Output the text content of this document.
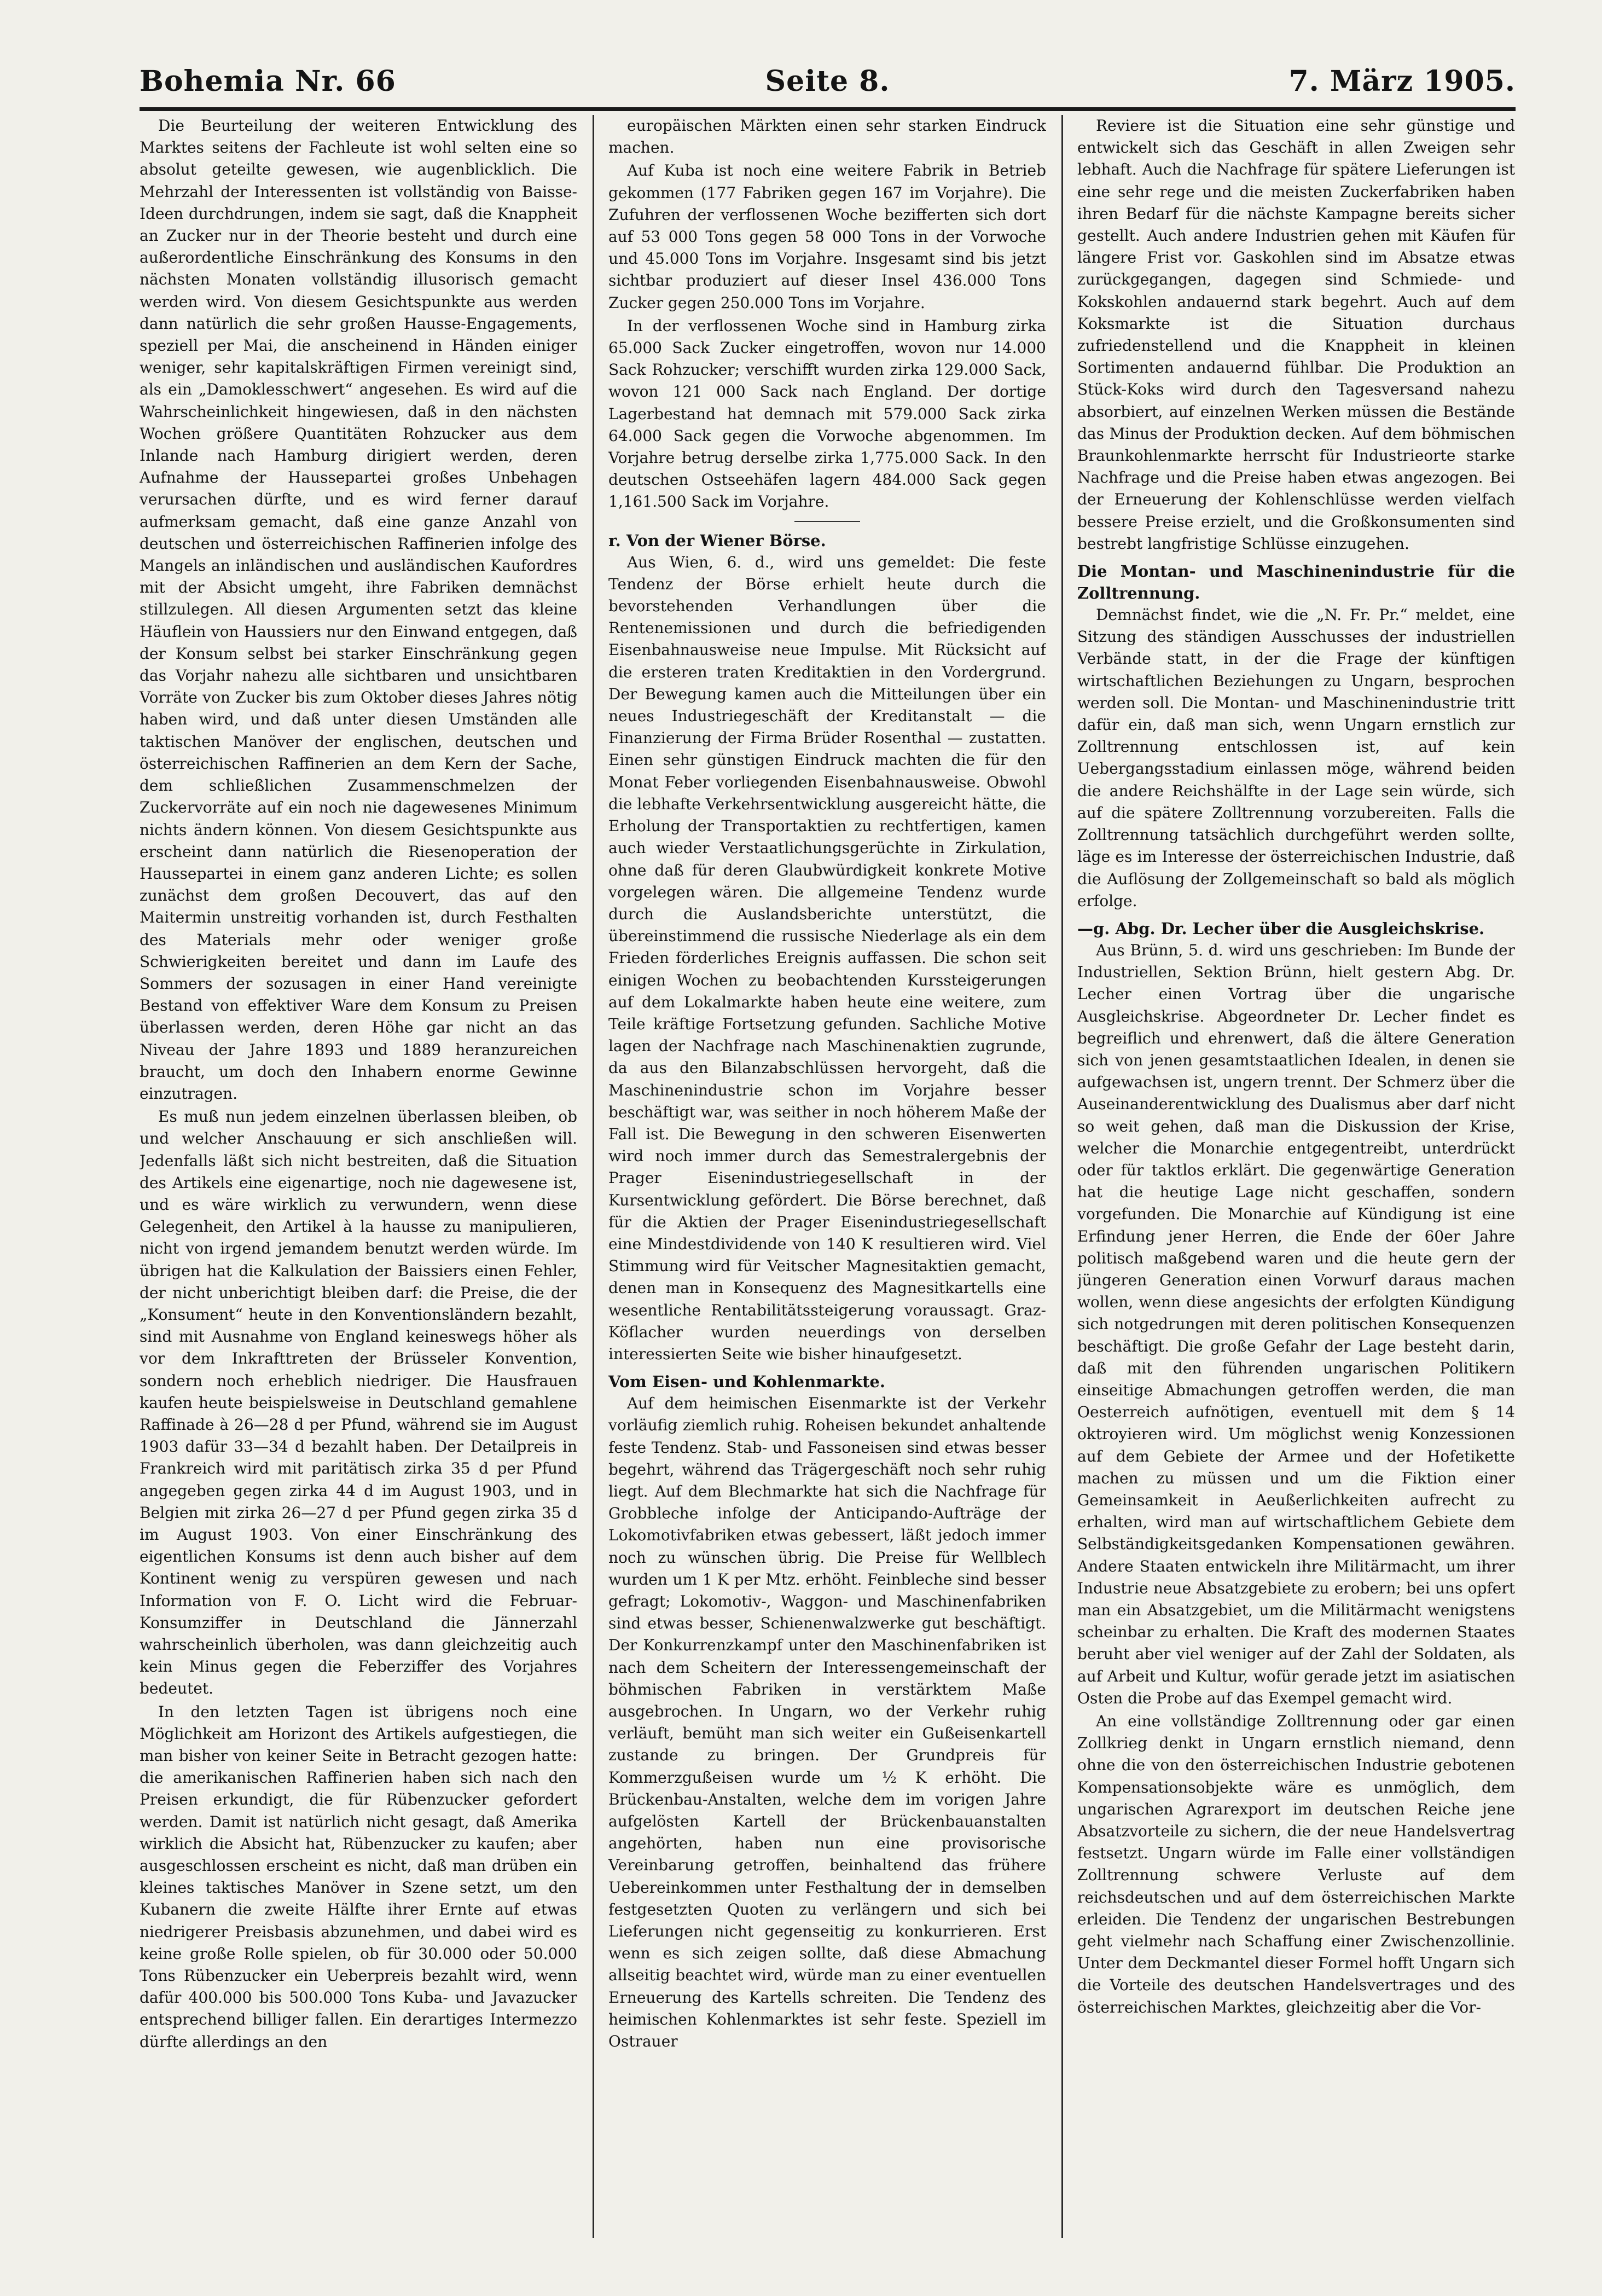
Bohemia Nr. 66	Seite 8.	7. März 1905.

Die Beurteilung der weiteren Entwicklung des Marktes seitens der Fachleute ist wohl selten eine so absolut geteilte gewesen, wie augenblicklich. Die Mehrzahl der Interessenten ist vollständig von Baisse-Ideen durchdrungen, indem sie sagt, daß die Knappheit an Zucker nur in der Theorie besteht und durch eine außerordentliche Einschränkung des Konsums in den nächsten Monaten vollständig illusorisch gemacht werden wird. Von diesem Gesichtspunkte aus werden dann natürlich die sehr großen Hausse-Engagements, speziell per Mai, die anscheinend in Händen einiger weniger, sehr kapitalskräftigen Firmen vereinigt sind, als ein „Damoklesschwert“ angesehen. Es wird auf die Wahrscheinlichkeit hingewiesen, daß in den nächsten Wochen größere Quantitäten Rohzucker aus dem Inlande nach Hamburg dirigiert werden, deren Aufnahme der Haussepartei großes Unbehagen verursachen dürfte, und es wird ferner darauf aufmerksam gemacht, daß eine ganze Anzahl von deutschen und österreichischen Raffinerien infolge des Mangels an inländischen und ausländischen Kaufordres mit der Absicht umgeht, ihre Fabriken demnächst stillzulegen. All diesen Argumenten setzt das kleine Häuflein von Haussiers nur den Einwand entgegen, daß der Konsum selbst bei starker Einschränkung gegen das Vorjahr nahezu alle sichtbaren und unsichtbaren Vorräte von Zucker bis zum Oktober dieses Jahres nötig haben wird, und daß unter diesen Umständen alle taktischen Manöver der englischen, deutschen und österreichischen Raffinerien an dem Kern der Sache, dem schließlichen Zusammenschmelzen der Zuckervorräte auf ein noch nie dagewesenes Minimum nichts ändern können. Von diesem Gesichtspunkte aus erscheint dann natürlich die Riesenoperation der Haussepartei in einem ganz anderen Lichte; es sollen zunächst dem großen Decouvert, das auf den Maitermin unstreitig vorhanden ist, durch Festhalten des Materials mehr oder weniger große Schwierigkeiten bereitet und dann im Laufe des Sommers der sozusagen in einer Hand vereinigte Bestand von effektiver Ware dem Konsum zu Preisen überlassen werden, deren Höhe gar nicht an das Niveau der Jahre 1893 und 1889 heranzureichen braucht, um doch den Inhabern enorme Gewinne einzutragen.

Es muß nun jedem einzelnen überlassen bleiben, ob und welcher Anschauung er sich anschließen will. Jedenfalls läßt sich nicht bestreiten, daß die Situation des Artikels eine eigenartige, noch nie dagewesene ist, und es wäre wirklich zu verwundern, wenn diese Gelegenheit, den Artikel à la hausse zu manipulieren, nicht von irgend jemandem benutzt werden würde. Im übrigen hat die Kalkulation der Baissiers einen Fehler, der nicht unberichtigt bleiben darf: die Preise, die der „Konsument“ heute in den Konventionsländern bezahlt, sind mit Ausnahme von England keineswegs höher als vor dem Inkrafttreten der Brüsseler Konvention, sondern noch erheblich niedriger. Die Hausfrauen kaufen heute beispielsweise in Deutschland gemahlene Raffinade à 26—28 d per Pfund, während sie im August 1903 dafür 33—34 d bezahlt haben. Der Detailpreis in Frankreich wird mit paritätisch zirka 35 d per Pfund angegeben gegen zirka 44 d im August 1903, und in Belgien mit zirka 26—27 d per Pfund gegen zirka 35 d im August 1903. Von einer Einschränkung des eigentlichen Konsums ist denn auch bisher auf dem Kontinent wenig zu verspüren gewesen und nach Information von F. O. Licht wird die Februar-Konsumziffer in Deutschland die Jännerzahl wahrscheinlich überholen, was dann gleichzeitig auch kein Minus gegen die Feberziffer des Vorjahres bedeutet.

In den letzten Tagen ist übrigens noch eine Möglichkeit am Horizont des Artikels aufgestiegen, die man bisher von keiner Seite in Betracht gezogen hatte: die amerikanischen Raffinerien haben sich nach den Preisen erkundigt, die für Rübenzucker gefordert werden. Damit ist natürlich nicht gesagt, daß Amerika wirklich die Absicht hat, Rübenzucker zu kaufen; aber ausgeschlossen erscheint es nicht, daß man drüben ein kleines taktisches Manöver in Szene setzt, um den Kubanern die zweite Hälfte ihrer Ernte auf etwas niedrigerer Preisbasis abzunehmen, und dabei wird es keine große Rolle spielen, ob für 30.000 oder 50.000 Tons Rübenzucker ein Ueberpreis bezahlt wird, wenn dafür 400.000 bis 500.000 Tons Kuba- und Javazucker entsprechend billiger fallen. Ein derartiges Intermezzo dürfte allerdings an den

europäischen Märkten einen sehr starken Eindruck machen.

Auf Kuba ist noch eine weitere Fabrik in Betrieb gekommen (177 Fabriken gegen 167 im Vorjahre). Die Zufuhren der verflossenen Woche bezifferten sich dort auf 53 000 Tons gegen 58 000 Tons in der Vorwoche und 45.000 Tons im Vorjahre. Insgesamt sind bis jetzt sichtbar produziert auf dieser Insel 436.000 Tons Zucker gegen 250.000 Tons im Vorjahre.

In der verflossenen Woche sind in Hamburg zirka 65.000 Sack Zucker eingetroffen, wovon nur 14.000 Sack Rohzucker; verschifft wurden zirka 129.000 Sack, wovon 121 000 Sack nach England. Der dortige Lagerbestand hat demnach mit 579.000 Sack zirka 64.000 Sack gegen die Vorwoche abgenommen. Im Vorjahre betrug derselbe zirka 1,775.000 Sack. In den deutschen Ostseehäfen lagern 484.000 Sack gegen 1,161.500 Sack im Vorjahre.

r. Von der Wiener Börse.

Aus Wien, 6. d., wird uns gemeldet: Die feste Tendenz der Börse erhielt heute durch die bevorstehenden Verhandlungen über die Rentenemissionen und durch die befriedigenden Eisenbahnausweise neue Impulse. Mit Rücksicht auf die ersteren traten Kreditaktien in den Vordergrund. Der Bewegung kamen auch die Mitteilungen über ein neues Industriegeschäft der Kreditanstalt — die Finanzierung der Firma Brüder Rosenthal — zustatten. Einen sehr günstigen Eindruck machten die für den Monat Feber vorliegenden Eisenbahnausweise. Obwohl die lebhafte Verkehrsentwicklung ausgereicht hätte, die Erholung der Transportaktien zu rechtfertigen, kamen auch wieder Verstaatlichungsgerüchte in Zirkulation, ohne daß für deren Glaubwürdigkeit konkrete Motive vorgelegen wären. Die allgemeine Tendenz wurde durch die Auslandsberichte unterstützt, die übereinstimmend die russische Niederlage als ein dem Frieden förderliches Ereignis auffassen. Die schon seit einigen Wochen zu beobachtenden Kurssteigerungen auf dem Lokalmarkte haben heute eine weitere, zum Teile kräftige Fortsetzung gefunden. Sachliche Motive lagen der Nachfrage nach Maschinenaktien zugrunde, da aus den Bilanzabschlüssen hervorgeht, daß die Maschinenindustrie schon im Vorjahre besser beschäftigt war, was seither in noch höherem Maße der Fall ist. Die Bewegung in den schweren Eisenwerten wird noch immer durch das Semestralergebnis der Prager Eisenindustriegesellschaft in der Kursentwicklung gefördert. Die Börse berechnet, daß für die Aktien der Prager Eisenindustriegesellschaft eine Mindestdividende von 140 K resultieren wird. Viel Stimmung wird für Veitscher Magnesitaktien gemacht, denen man in Konsequenz des Magnesitkartells eine wesentliche Rentabilitätssteigerung voraussagt. Graz-Köflacher wurden neuerdings von derselben interessierten Seite wie bisher hinaufgesetzt.

Vom Eisen- und Kohlenmarkte.

Auf dem heimischen Eisenmarkte ist der Verkehr vorläufig ziemlich ruhig. Roheisen bekundet anhaltende feste Tendenz. Stab- und Fassoneisen sind etwas besser begehrt, während das Trägergeschäft noch sehr ruhig liegt. Auf dem Blechmarkte hat sich die Nachfrage für Grobbleche infolge der Anticipando-Aufträge der Lokomotivfabriken etwas gebessert, läßt jedoch immer noch zu wünschen übrig. Die Preise für Wellblech wurden um 1 K per Mtz. erhöht. Feinbleche sind besser gefragt; Lokomotiv-, Waggon- und Maschinenfabriken sind etwas besser, Schienenwalzwerke gut beschäftigt. Der Konkurrenzkampf unter den Maschinenfabriken ist nach dem Scheitern der Interessengemeinschaft der böhmischen Fabriken in verstärktem Maße ausgebrochen. In Ungarn, wo der Verkehr ruhig verläuft, bemüht man sich weiter ein Gußeisenkartell zustande zu bringen. Der Grundpreis für Kommerzgußeisen wurde um ½ K erhöht. Die Brückenbau-Anstalten, welche dem im vorigen Jahre aufgelösten Kartell der Brückenbauanstalten angehörten, haben nun eine provisorische Vereinbarung getroffen, beinhaltend das frühere Uebereinkommen unter Festhaltung der in demselben festgesetzten Quoten zu verlängern und sich bei Lieferungen nicht gegenseitig zu konkurrieren. Erst wenn es sich zeigen sollte, daß diese Abmachung allseitig beachtet wird, würde man zu einer eventuellen Erneuerung des Kartells schreiten. Die Tendenz des heimischen Kohlenmarktes ist sehr feste. Speziell im Ostrauer

Reviere ist die Situation eine sehr günstige und entwickelt sich das Geschäft in allen Zweigen sehr lebhaft. Auch die Nachfrage für spätere Lieferungen ist eine sehr rege und die meisten Zuckerfabriken haben ihren Bedarf für die nächste Kampagne bereits sicher gestellt. Auch andere Industrien gehen mit Käufen für längere Frist vor. Gaskohlen sind im Absatze etwas zurückgegangen, dagegen sind Schmiede- und Kokskohlen andauernd stark begehrt. Auch auf dem Koksmarkte ist die Situation durchaus zufriedenstellend und die Knappheit in kleinen Sortimenten andauernd fühlbar. Die Produktion an Stück-Koks wird durch den Tagesversand nahezu absorbiert, auf einzelnen Werken müssen die Bestände das Minus der Produktion decken. Auf dem böhmischen Braunkohlenmarkte herrscht für Industrieorte starke Nachfrage und die Preise haben etwas angezogen. Bei der Erneuerung der Kohlenschlüsse werden vielfach bessere Preise erzielt, und die Großkonsumenten sind bestrebt langfristige Schlüsse einzugehen.

Die Montan- und Maschinenindustrie für die Zolltrennung.

Demnächst findet, wie die „N. Fr. Pr.“ meldet, eine Sitzung des ständigen Ausschusses der industriellen Verbände statt, in der die Frage der künftigen wirtschaftlichen Beziehungen zu Ungarn, besprochen werden soll. Die Montan- und Maschinenindustrie tritt dafür ein, daß man sich, wenn Ungarn ernstlich zur Zolltrennung entschlossen ist, auf kein Uebergangsstadium einlassen möge, während beiden die andere Reichshälfte in der Lage sein würde, sich auf die spätere Zolltrennung vorzubereiten. Falls die Zolltrennung tatsächlich durchgeführt werden sollte, läge es im Interesse der österreichischen Industrie, daß die Auflösung der Zollgemeinschaft so bald als möglich erfolge.

—g. Abg. Dr. Lecher über die Ausgleichskrise.

Aus Brünn, 5. d. wird uns geschrieben: Im Bunde der Industriellen, Sektion Brünn, hielt gestern Abg. Dr. Lecher einen Vortrag über die ungarische Ausgleichskrise. Abgeordneter Dr. Lecher findet es begreiflich und ehrenwert, daß die ältere Generation sich von jenen gesamtstaatlichen Idealen, in denen sie aufgewachsen ist, ungern trennt. Der Schmerz über die Auseinanderentwicklung des Dualismus aber darf nicht so weit gehen, daß man die Diskussion der Krise, welcher die Monarchie entgegentreibt, unterdrückt oder für taktlos erklärt. Die gegenwärtige Generation hat die heutige Lage nicht geschaffen, sondern vorgefunden. Die Monarchie auf Kündigung ist eine Erfindung jener Herren, die Ende der 60er Jahre politisch maßgebend waren und die heute gern der jüngeren Generation einen Vorwurf daraus machen wollen, wenn diese angesichts der erfolgten Kündigung sich notgedrungen mit deren politischen Konsequenzen beschäftigt. Die große Gefahr der Lage besteht darin, daß mit den führenden ungarischen Politikern einseitige Abmachungen getroffen werden, die man Oesterreich aufnötigen, eventuell mit dem § 14 oktroyieren wird. Um möglichst wenig Konzessionen auf dem Gebiete der Armee und der Hofetikette machen zu müssen und um die Fiktion einer Gemeinsamkeit in Aeußerlichkeiten aufrecht zu erhalten, wird man auf wirtschaftlichem Gebiete dem Selbständigkeitsgedanken Kompensationen gewähren. Andere Staaten entwickeln ihre Militärmacht, um ihrer Industrie neue Absatzgebiete zu erobern; bei uns opfert man ein Absatzgebiet, um die Militärmacht wenigstens scheinbar zu erhalten. Die Kraft des modernen Staates beruht aber viel weniger auf der Zahl der Soldaten, als auf Arbeit und Kultur, wofür gerade jetzt im asiatischen Osten die Probe auf das Exempel gemacht wird.

An eine vollständige Zolltrennung oder gar einen Zollkrieg denkt in Ungarn ernstlich niemand, denn ohne die von den österreichischen Industrie gebotenen Kompensationsobjekte wäre es unmöglich, dem ungarischen Agrarexport im deutschen Reiche jene Absatzvorteile zu sichern, die der neue Handelsvertrag festsetzt. Ungarn würde im Falle einer vollständigen Zolltrennung schwere Verluste auf dem reichsdeutschen und auf dem österreichischen Markte erleiden. Die Tendenz der ungarischen Bestrebungen geht vielmehr nach Schaffung einer Zwischenzollinie. Unter dem Deckmantel dieser Formel hofft Ungarn sich die Vorteile des deutschen Handelsvertrages und des österreichischen Marktes, gleichzeitig aber die Vor-
